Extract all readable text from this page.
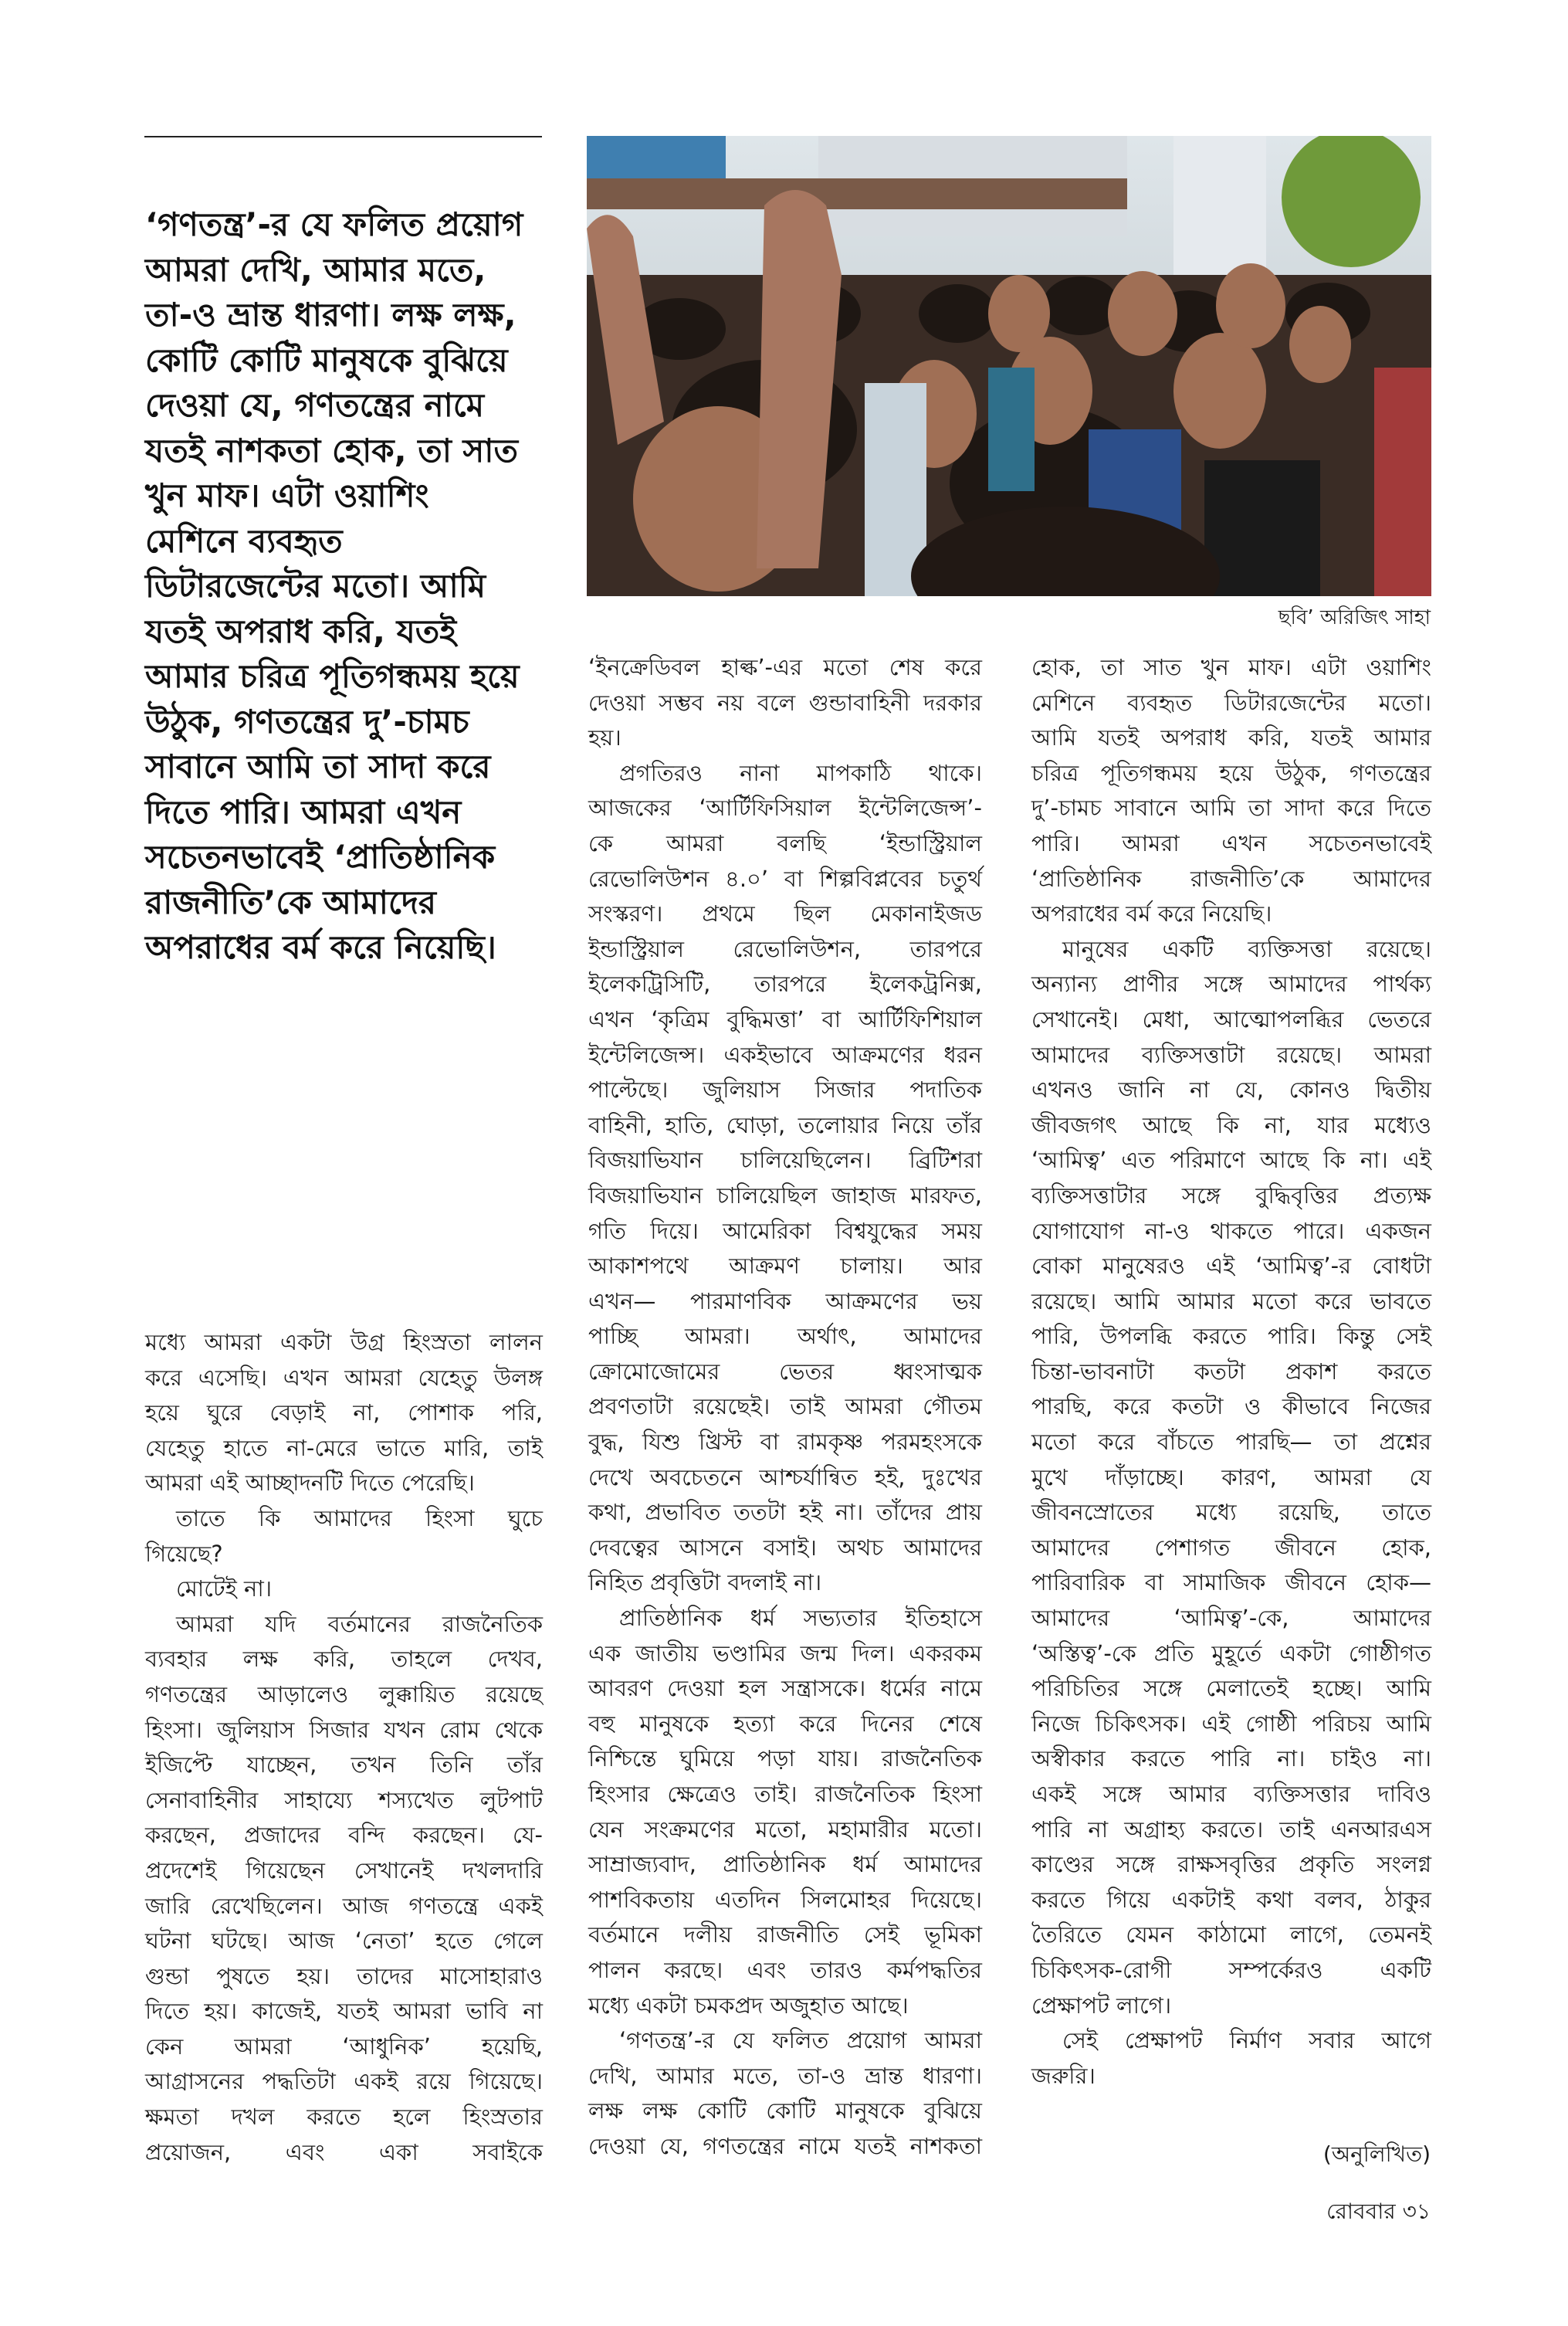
‘গণতন্ত্র’-র যে ফলিত প্রয়োগ
আমরা দেখি, আমার মতে,
তা-ও ভ্রান্ত ধারণা। লক্ষ লক্ষ,
কোটি কোটি মানুষকে বুঝিয়ে
দেওয়া যে, গণতন্ত্রের নামে
যতই নাশকতা হোক, তা সাত
খুন মাফ। এটা ওয়াশিং
মেশিনে ব্যবহৃত
ডিটারজেন্টের মতো। আমি
যতই অপরাধ করি, যতই
আমার চরিত্র পূতিগন্ধময় হয়ে
উঠুক, গণতন্ত্রের দু’-চামচ
সাবানে আমি তা সাদা করে
দিতে পারি। আমরা এখন
সচেতনভাবেই ‘প্রাতিষ্ঠানিক
রাজনীতি’কে আমাদের
অপরাধের বর্ম করে নিয়েছি।
ছবি’ অরিজিৎ সাহা
মধ্যে আমরা একটা উগ্র হিংস্রতা লালন
করে এসেছি। এখন আমরা যেহেতু উলঙ্গ
হয়ে ঘুরে বেড়াই না, পোশাক পরি,
যেহেতু হাতে না-মেরে ভাতে মারি, তাই
আমরা এই আচ্ছাদনটি দিতে পেরেছি।
তাতে কি আমাদের হিংসা ঘুচে
গিয়েছে?
মোটেই না।
আমরা যদি বর্তমানের রাজনৈতিক
ব্যবহার লক্ষ করি, তাহলে দেখব,
গণতন্ত্রের আড়ালেও লুক্কায়িত রয়েছে
হিংসা। জুলিয়াস সিজার যখন রোম থেকে
ইজিপ্টে যাচ্ছেন, তখন তিনি তাঁর
সেনাবাহিনীর সাহায্যে শস্যখেত লুটপাট
করছেন, প্রজাদের বন্দি করছেন। যে-
প্রদেশেই গিয়েছেন সেখানেই দখলদারি
জারি রেখেছিলেন। আজ গণতন্ত্রে একই
ঘটনা ঘটছে। আজ ‘নেতা’ হতে গেলে
গুন্ডা পুষতে হয়। তাদের মাসোহারাও
দিতে হয়। কাজেই, যতই আমরা ভাবি না
কেন আমরা ‘আধুনিক’ হয়েছি,
আগ্রাসনের পদ্ধতিটা একই রয়ে গিয়েছে।
ক্ষমতা দখল করতে হলে হিংস্রতার
প্রয়োজন, এবং একা সবাইকে
‘ইনক্রেডিবল হাল্ক’-এর মতো শেষ করে
দেওয়া সম্ভব নয় বলে গুন্ডাবাহিনী দরকার
হয়।
প্রগতিরও নানা মাপকাঠি থাকে।
আজকের ‘আর্টিফিসিয়াল ইন্টেলিজেন্স’-
কে আমরা বলছি ‘ইন্ডাস্ট্রিয়াল
রেভোলিউশন ৪.০’ বা শিল্পবিপ্লবের চতুর্থ
সংস্করণ। প্রথমে ছিল মেকানাইজড
ইন্ডাস্ট্রিয়াল রেভোলিউশন, তারপরে
ইলেকট্রিসিটি, তারপরে ইলেকট্রনিক্স,
এখন ‘কৃত্রিম বুদ্ধিমত্তা’ বা আর্টিফিশিয়াল
ইন্টেলিজেন্স। একইভাবে আক্রমণের ধরন
পাল্টেছে। জুলিয়াস সিজার পদাতিক
বাহিনী, হাতি, ঘোড়া, তলোয়ার নিয়ে তাঁর
বিজয়াভিযান চালিয়েছিলেন। ব্রিটিশরা
বিজয়াভিযান চালিয়েছিল জাহাজ মারফত,
গতি দিয়ে। আমেরিকা বিশ্বযুদ্ধের সময়
আকাশপথে আক্রমণ চালায়। আর
এখন— পারমাণবিক আক্রমণের ভয়
পাচ্ছি আমরা। অর্থাৎ, আমাদের
ক্রোমোজোমের ভেতর ধ্বংসাত্মক
প্রবণতাটা রয়েছেই। তাই আমরা গৌতম
বুদ্ধ, যিশু খ্রিস্ট বা রামকৃষ্ণ পরমহংসকে
দেখে অবচেতনে আশ্চর্যান্বিত হই, দুঃখের
কথা, প্রভাবিত ততটা হই না। তাঁদের প্রায়
দেবত্বের আসনে বসাই। অথচ আমাদের
নিহিত প্রবৃত্তিটা বদলাই না।
প্রাতিষ্ঠানিক ধর্ম সভ্যতার ইতিহাসে
এক জাতীয় ভণ্ডামির জন্ম দিল। একরকম
আবরণ দেওয়া হল সন্ত্রাসকে। ধর্মের নামে
বহু মানুষকে হত্যা করে দিনের শেষে
নিশ্চিন্তে ঘুমিয়ে পড়া যায়। রাজনৈতিক
হিংসার ক্ষেত্রেও তাই। রাজনৈতিক হিংসা
যেন সংক্রমণের মতো, মহামারীর মতো।
সাম্রাজ্যবাদ, প্রাতিষ্ঠানিক ধর্ম আমাদের
পাশবিকতায় এতদিন সিলমোহর দিয়েছে।
বর্তমানে দলীয় রাজনীতি সেই ভূমিকা
পালন করছে। এবং তারও কর্মপদ্ধতির
মধ্যে একটা চমকপ্রদ অজুহাত আছে।
‘গণতন্ত্র’-র যে ফলিত প্রয়োগ আমরা
দেখি, আমার মতে, তা-ও ভ্রান্ত ধারণা।
লক্ষ লক্ষ কোটি কোটি মানুষকে বুঝিয়ে
দেওয়া যে, গণতন্ত্রের নামে যতই নাশকতা
হোক, তা সাত খুন মাফ। এটা ওয়াশিং
মেশিনে ব্যবহৃত ডিটারজেন্টের মতো।
আমি যতই অপরাধ করি, যতই আমার
চরিত্র পূতিগন্ধময় হয়ে উঠুক, গণতন্ত্রের
দু’-চামচ সাবানে আমি তা সাদা করে দিতে
পারি। আমরা এখন সচেতনভাবেই
‘প্রাতিষ্ঠানিক রাজনীতি’কে আমাদের
অপরাধের বর্ম করে নিয়েছি।
মানুষের একটি ব্যক্তিসত্তা রয়েছে।
অন্যান্য প্রাণীর সঙ্গে আমাদের পার্থক্য
সেখানেই। মেধা, আত্মোপলব্ধির ভেতরে
আমাদের ব্যক্তিসত্তাটা রয়েছে। আমরা
এখনও জানি না যে, কোনও দ্বিতীয়
জীবজগৎ আছে কি না, যার মধ্যেও
‘আমিত্ব’ এত পরিমাণে আছে কি না। এই
ব্যক্তিসত্তাটার সঙ্গে বুদ্ধিবৃত্তির প্রত্যক্ষ
যোগাযোগ না-ও থাকতে পারে। একজন
বোকা মানুষেরও এই ‘আমিত্ব’-র বোধটা
রয়েছে। আমি আমার মতো করে ভাবতে
পারি, উপলব্ধি করতে পারি। কিন্তু সেই
চিন্তা-ভাবনাটা কতটা প্রকাশ করতে
পারছি, করে কতটা ও কীভাবে নিজের
মতো করে বাঁচতে পারছি— তা প্রশ্নের
মুখে দাঁড়াচ্ছে। কারণ, আমরা যে
জীবনস্রোতের মধ্যে রয়েছি, তাতে
আমাদের পেশাগত জীবনে হোক,
পারিবারিক বা সামাজিক জীবনে হোক—
আমাদের ‘আমিত্ব’-কে, আমাদের
‘অস্তিত্ব’-কে প্রতি মুহূর্তে একটা গোষ্ঠীগত
পরিচিতির সঙ্গে মেলাতেই হচ্ছে। আমি
নিজে চিকিৎসক। এই গোষ্ঠী পরিচয় আমি
অস্বীকার করতে পারি না। চাইও না।
একই সঙ্গে আমার ব্যক্তিসত্তার দাবিও
পারি না অগ্রাহ্য করতে। তাই এনআরএস
কাণ্ডের সঙ্গে রাক্ষসবৃত্তির প্রকৃতি সংলগ্ন
করতে গিয়ে একটাই কথা বলব, ঠাকুর
তৈরিতে যেমন কাঠামো লাগে, তেমনই
চিকিৎসক-রোগী সম্পর্কেরও একটি
প্রেক্ষাপট লাগে।
সেই প্রেক্ষাপট নির্মাণ সবার আগে
জরুরি।
(অনুলিখিত)
রোববার ৩১
